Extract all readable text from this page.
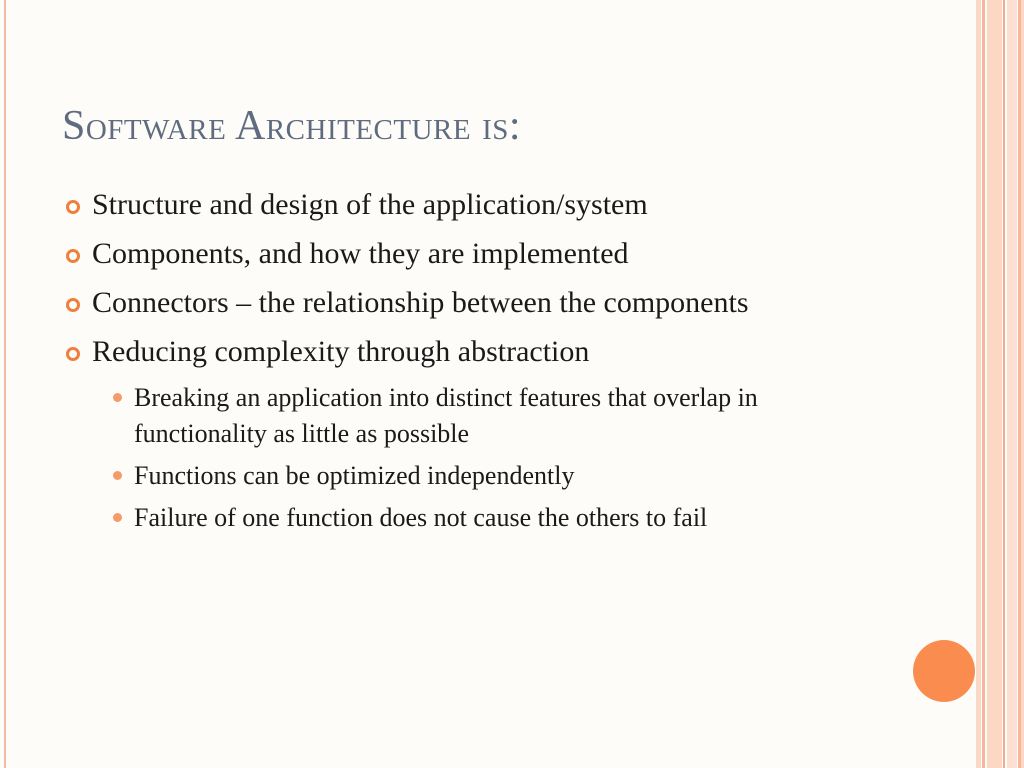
Software Architecture is:
Structure and design of the application/system
Components, and how they are implemented
Connectors – the relationship between the components
Reducing complexity through abstraction
Breaking an application into distinct features that overlap in functionality as little as possible
Functions can be optimized independently
Failure of one function does not cause the others to fail
